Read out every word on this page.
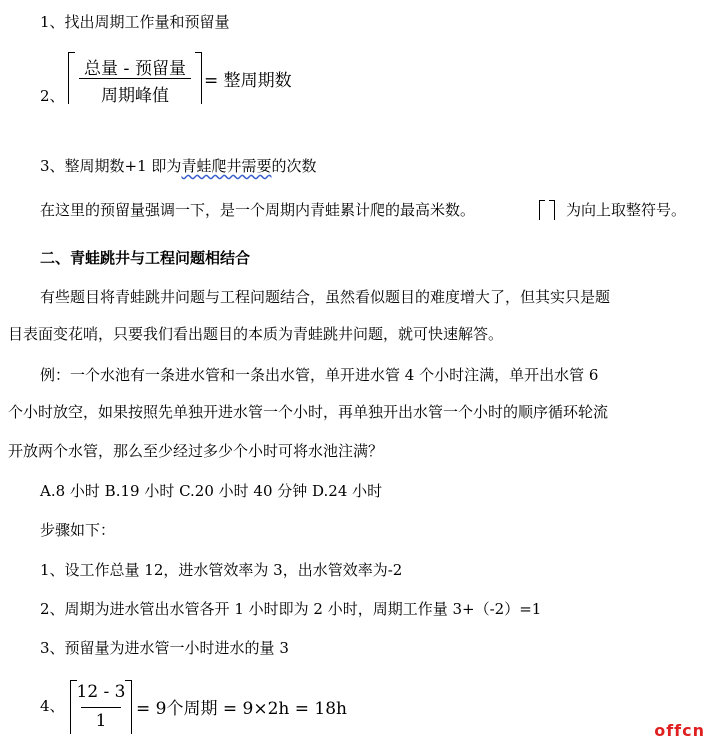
1、找出周期工作量和预留量
2、
总量 - 预留量
周期峰值
= 整周期数
3、整周期数+1 即为青蛙爬井需要的次数
在这里的预留量强调一下，是一个周期内青蛙累计爬的最高米数。	为向上取整符号。
二、青蛙跳井与工程问题相结合
有些题目将青蛙跳井问题与工程问题结合，虽然看似题目的难度增大了，但其实只是题
目表面变花哨，只要我们看出题目的本质为青蛙跳井问题，就可快速解答。
例：一个水池有一条进水管和一条出水管，单开进水管 4 个小时注满，单开出水管 6
个小时放空，如果按照先单独开进水管一个小时，再单独开出水管一个小时的顺序循环轮流
开放两个水管，那么至少经过多少个小时可将水池注满？
A.8 小时 B.19 小时 C.20 小时 40 分钟 D.24 小时
步骤如下：
1、设工作总量 12，进水管效率为 3，出水管效率为-2
2、周期为进水管出水管各开 1 小时即为 2 小时，周期工作量 3+（-2）=1
3、预留量为进水管一小时进水的量 3
4、
12 - 3
1
= 9个周期 = 9×2h = 18h
offcn
